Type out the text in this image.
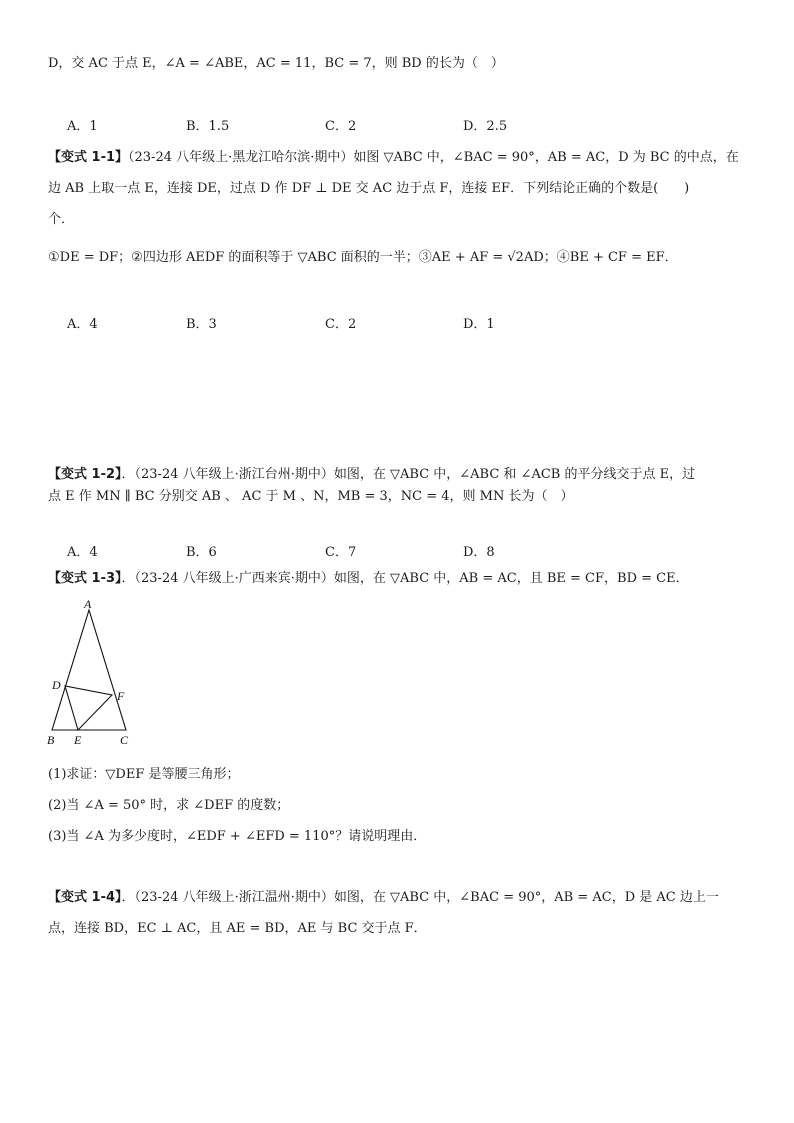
D，交 AC 于点 E，∠A = ∠ABE，AC = 11，BC = 7，则 BD 的长为（　）
A．1	B．1.5	C．2	D．2.5
【变式 1-1】（23-24 八年级上·黑龙江哈尔滨·期中）如图 ▽ABC 中，∠BAC = 90°，AB = AC，D 为 BC 的中点，在
边 AB 上取一点 E，连接 DE，过点 D 作 DF ⊥ DE 交 AC 边于点 F，连接 EF．下列结论正确的个数是(　　)
个．
①DE = DF；②四边形 AEDF 的面积等于 ▽ABC 面积的一半；③AE + AF = √2AD；④BE + CF = EF．
A．4	B．3	C．2	D．1
【变式 1-2】．（23-24 八年级上·浙江台州·期中）如图，在 ▽ABC 中，∠ABC 和 ∠ACB 的平分线交于点 E，过
点 E 作 MN ∥ BC 分别交 AB 、 AC 于 M 、N，MB = 3，NC = 4，则 MN 长为（　）
A．4	B．6	C．7	D．8
【变式 1-3】．（23-24 八年级上·广西来宾·期中）如图，在 ▽ABC 中，AB = AC，且 BE = CF，BD = CE．
A
D
F
B E	C
(1)求证：▽DEF 是等腰三角形；
(2)当 ∠A = 50° 时，求 ∠DEF 的度数；
(3)当 ∠A 为多少度时，∠EDF + ∠EFD = 110°？请说明理由．
【变式 1-4】．（23-24 八年级上·浙江温州·期中）如图，在 ▽ABC 中，∠BAC = 90°，AB = AC，D 是 AC 边上一
点，连接 BD，EC ⊥ AC，且 AE = BD，AE 与 BC 交于点 F．
